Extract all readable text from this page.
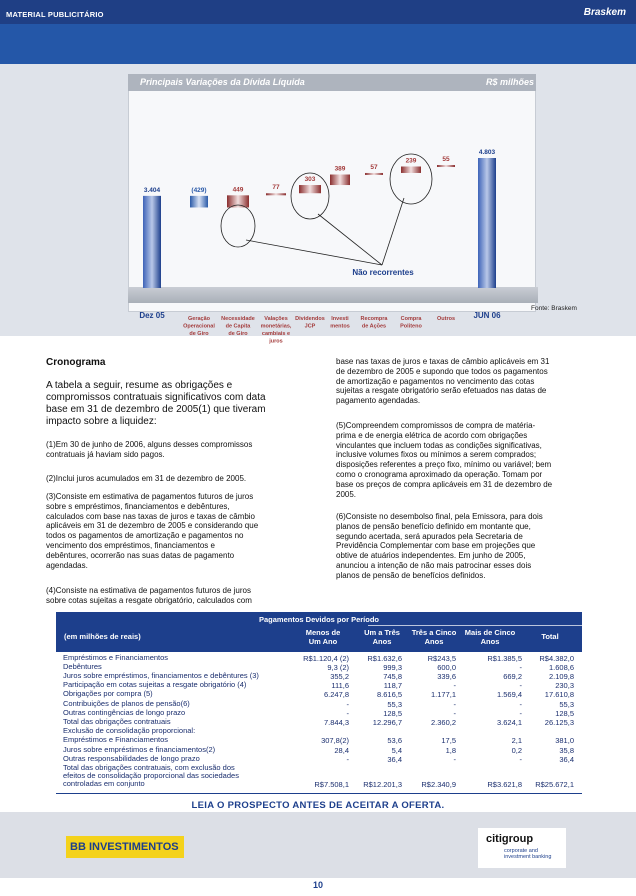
MATERIAL PUBLICITÁRIO	Braskem
Principais Variações da Dívida Líquida	R$ milhões
Fonte: Braskem
3.404
Dez 05
(429)
Geração
Operacional
de Giro
449
Necessidade
de Capita
de Giro
77
Valações
monetárias,
cambiais e
juros
303
Dividendos
JCP
389
Investi
mentos
57
Recompra
de Ações
239
Compra
Politeno
55
Outros
4.803
JUN 06
Não recorrentes
Cronograma
A tabela a seguir, resume as obrigações e
compromissos contratuais significativos com data
base em 31 de dezembro de 2005(1) que tiveram
impacto sobre a liquidez:
(1)Em 30 de junho de 2006, alguns desses compromissos
contratuais já haviam sido pagos.
(2)Inclui juros acumulados em 31 de dezembro de 2005.
(3)Consiste em estimativa de pagamentos futuros de juros
sobre s empréstimos, financiamentos e debêntures,
calculados com base nas taxas de juros e taxas de câmbio
aplicáveis em 31 de dezembro de 2005 e considerando que
todos os pagamentos de amortização e pagamentos no
vencimento dos empréstimos, financiamentos e
debêntures, ocorrerão nas suas datas de pagamento
agendadas.
(4)Consiste na estimativa de pagamentos futuros de juros
sobre cotas sujeitas a resgate obrigatório, calculados com
base nas taxas de juros e taxas de câmbio aplicáveis em 31
de dezembro de 2005 e supondo que todos os pagamentos
de amortização e pagamentos no vencimento das cotas
sujeitas a resgate obrigatório serão efetuados nas datas de
pagamento agendadas.
(5)Compreendem compromissos de compra de matéria-
prima e de energia elétrica de acordo com obrigações
vinculantes que incluem todas as condições significativas,
inclusive volumes fixos ou mínimos a serem comprados;
disposições referentes a preço fixo, mínimo ou variável; bem
como o cronograma aproximado da operação. Tomam por
base os preços de compra aplicáveis em 31 de dezembro de
2005.
(6)Consiste no desembolso final, pela Emissora, para dois
planos de pensão benefício definido em montante que,
segundo acertada, será apurados pela Secretaria de
Previdência Complementar com base em projeções que
obtive de atuários independentes. Em junho de 2005,
anunciou a intenção de não mais patrocinar esses dois
planos de pensão de benefícios definidos.
Pagamentos Devidos por Período
(em milhões de reais)	Menos de
Um Ano
Um a Três
Anos
Três a Cinco
Anos
Mais de Cinco
Anos	Total
Empréstimos e Financiamentos	R$1.120,4 (2) R$1.632,6	R$243,5	R$1.385,5 R$4.382,0
Debêntures	9,3 (2)	999,3	600,0	-	1.608,6
Juros sobre empréstimos, financiamentos e debêntures (3)	355,2	745,8	339,6	669,2	2.109,8
Participação em cotas sujeitas a resgate obrigatório (4)	111,6	118,7	-	-	230,3
Obrigações por compra (5)	6.247,8	8.616,5	1.177,1	1.569,4	17.610,8
Contribuições de planos de pensão(6)	-	55,3	-	-	55,3
Outras contingências de longo prazo	-	128,5	-	-	128,5
Total das obrigações contratuais	7.844,3	12.296,7	2.360,2	3.624,1	26.125,3
Exclusão de consolidação proporcional:
Empréstimos e Financiamentos	307,8(2)	53,6	17,5	2,1	381,0
Juros sobre empréstimos e financiamentos(2)	28,4	5,4	1,8	0,2	35,8
Outras responsabilidades de longo prazo	-	36,4	-	-	36,4
Total das obrigações contratuais, com exclusão dos
efeitos de consolidação proporcional das sociedades
controladas em conjunto	R$7.508,1 R$12.201,3	R$2.340,9	R$3.621,8 R$25.672,1
LEIA O PROSPECTO ANTES DE ACEITAR A OFERTA.
BB INVESTIMENTOS
citigroup
corporate and
investment banking
10
